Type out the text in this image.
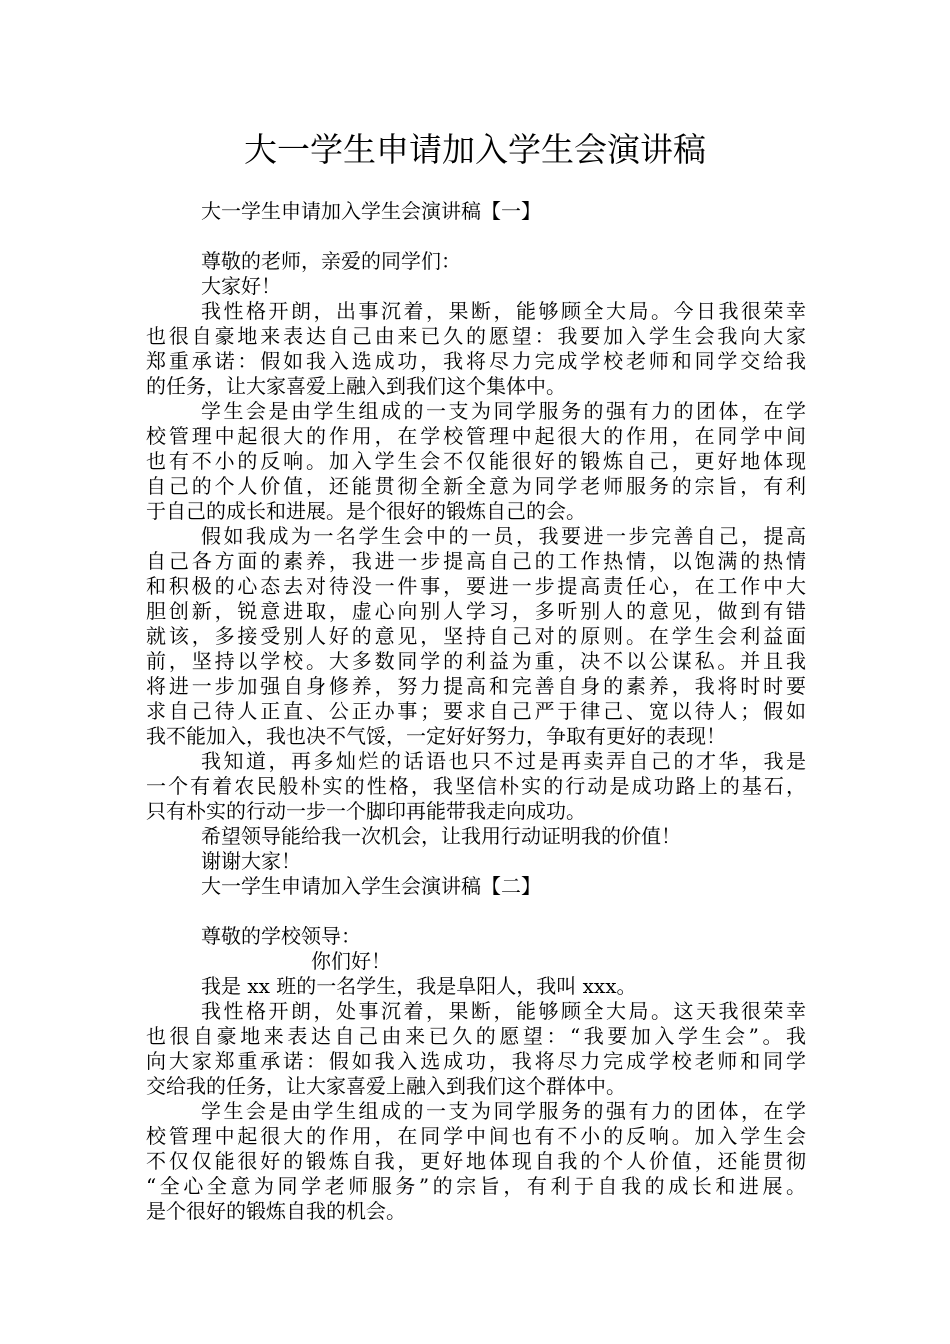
大一学生申请加入学生会演讲稿
大一学生申请加入学生会演讲稿【一】
尊敬的老师，亲爱的同学们：
大家好！
我性格开朗，出事沉着，果断，能够顾全大局。今日我很荣幸
也很自豪地来表达自己由来已久的愿望：我要加入学生会我向大家
郑重承诺：假如我入选成功，我将尽力完成学校老师和同学交给我
的任务，让大家喜爱上融入到我们这个集体中。
学生会是由学生组成的一支为同学服务的强有力的团体，在学
校管理中起很大的作用，在学校管理中起很大的作用，在同学中间
也有不小的反响。加入学生会不仅能很好的锻炼自己，更好地体现
自己的个人价值，还能贯彻全新全意为同学老师服务的宗旨，有利
于自己的成长和进展。是个很好的锻炼自己的会。
假如我成为一名学生会中的一员，我要进一步完善自己，提高
自己各方面的素养，我进一步提高自己的工作热情，以饱满的热情
和积极的心态去对待没一件事，要进一步提高责任心，在工作中大
胆创新，锐意进取，虚心向别人学习，多听别人的意见，做到有错
就该，多接受别人好的意见，坚持自己对的原则。在学生会利益面
前，坚持以学校。大多数同学的利益为重，决不以公谋私。并且我
将进一步加强自身修养，努力提高和完善自身的素养，我将时时要
求自己待人正直、公正办事；要求自己严于律己、宽以待人；假如
我不能加入，我也决不气馁，一定好好努力，争取有更好的表现！
我知道，再多灿烂的话语也只不过是再卖弄自己的才华，我是
一个有着农民般朴实的性格，我坚信朴实的行动是成功路上的基石，
只有朴实的行动一步一个脚印再能带我走向成功。
希望领导能给我一次机会，让我用行动证明我的价值！
谢谢大家！
大一学生申请加入学生会演讲稿【二】
尊敬的学校领导：
你们好！
我是 xx 班的一名学生，我是阜阳人，我叫 xxx。
我性格开朗，处事沉着，果断，能够顾全大局。这天我很荣幸
也很自豪地来表达自己由来已久的愿望：“我要加入学生会”。我
向大家郑重承诺：假如我入选成功，我将尽力完成学校老师和同学
交给我的任务，让大家喜爱上融入到我们这个群体中。
学生会是由学生组成的一支为同学服务的强有力的团体，在学
校管理中起很大的作用，在同学中间也有不小的反响。加入学生会
不仅仅能很好的锻炼自我，更好地体现自我的个人价值，还能贯彻
“全心全意为同学老师服务”的宗旨，有利于自我的成长和进展。
是个很好的锻炼自我的机会。
